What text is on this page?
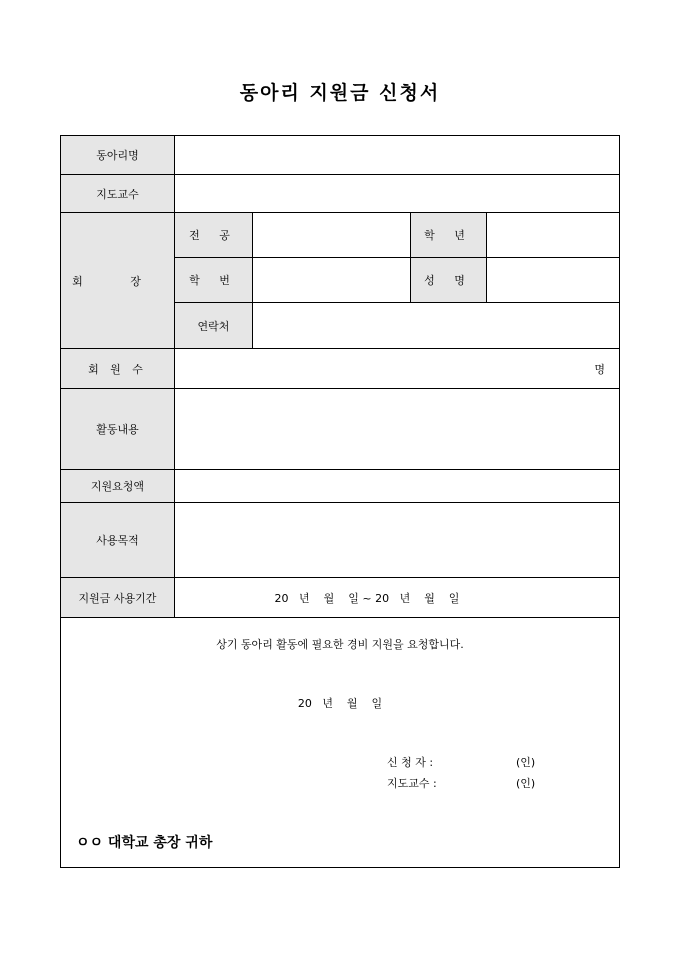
동아리 지원금 신청서
동아리명
지도교수
회 장
전 공	학 년
학 번	성 명
연락처
회 원 수	명
활동내용
지원요청액
사용목적
지원금 사용기간	20   년    월    일 ~ 20   년    월    일
상기 동아리 활동에 필요한 경비 지원을 요청합니다.
20   년    월    일
신 청 자 :	(인)
지도교수 :	(인)
ㅇㅇ 대학교 총장 귀하
